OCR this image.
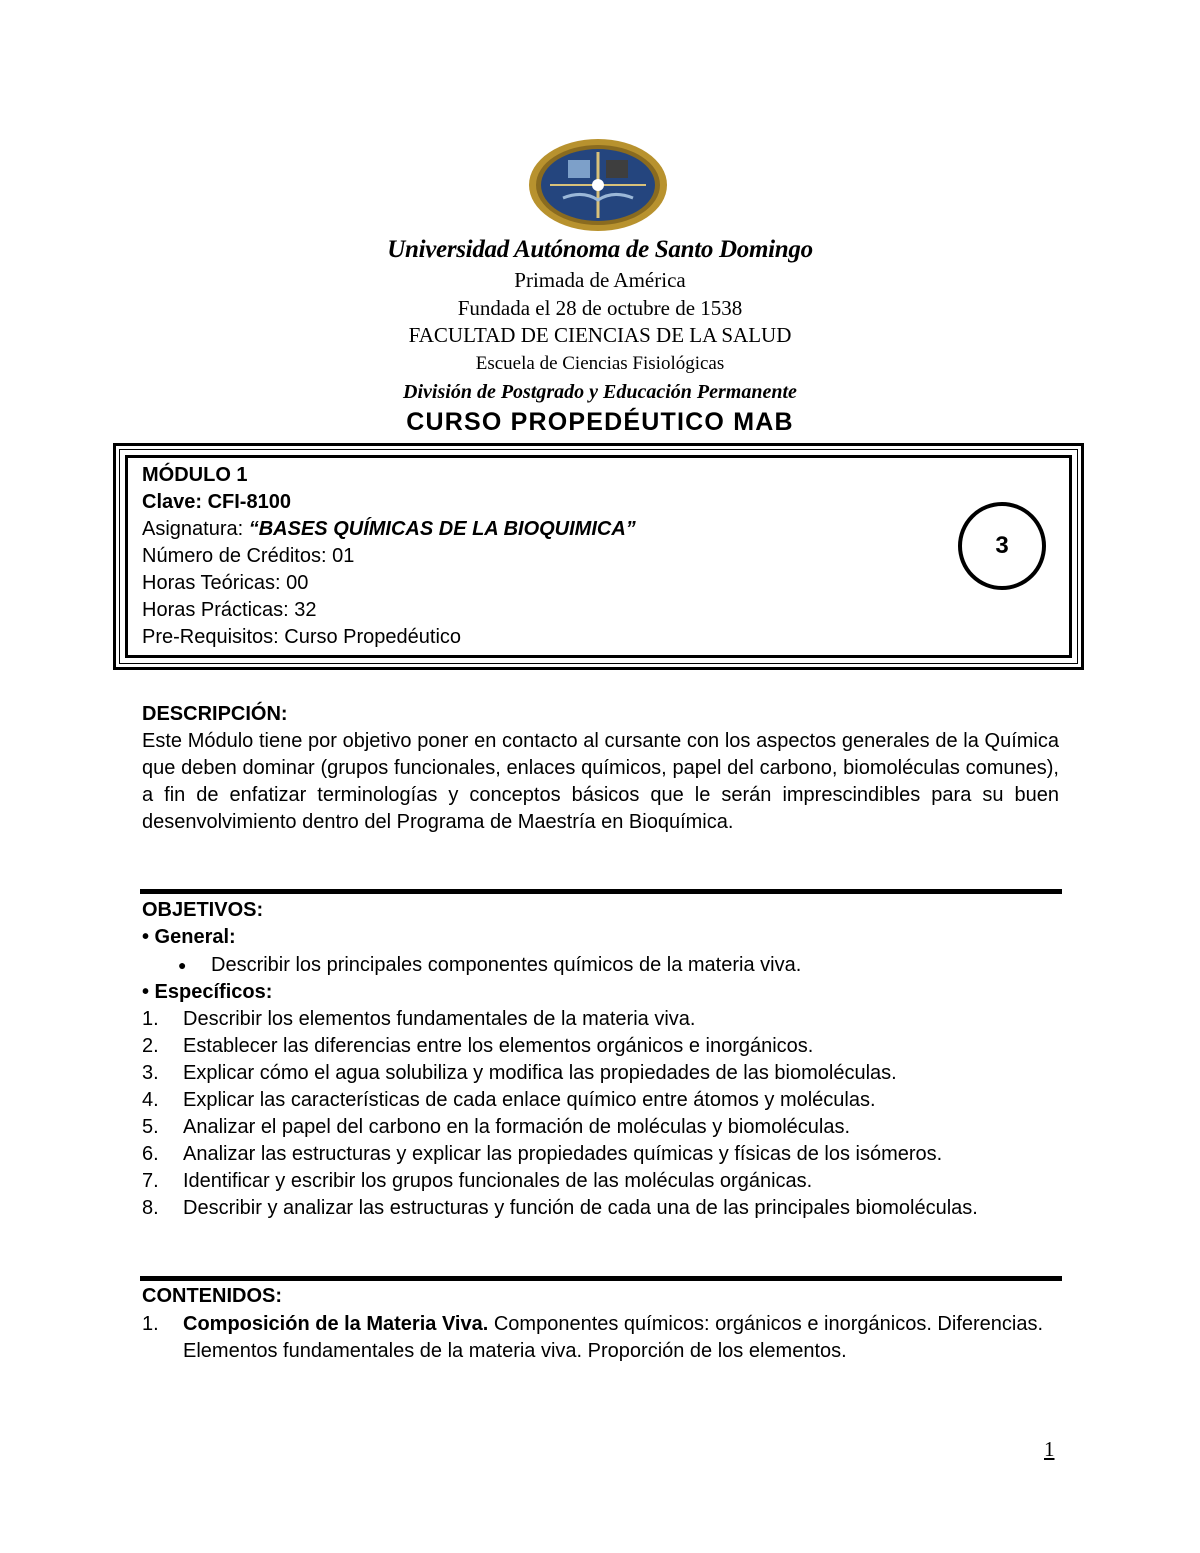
Universidad Autónoma de Santo Domingo
Primada de América
Fundada el 28 de octubre de 1538
FACULTAD DE CIENCIAS DE LA SALUD
Escuela de Ciencias Fisiológicas
División de Postgrado y Educación Permanente
CURSO PROPEDÉUTICO MAB
MÓDULO 1
Clave: CFI-8100
Asignatura: “BASES QUÍMICAS DE LA BIOQUIMICA”
Número de Créditos: 01
Horas Teóricas: 00
Horas Prácticas: 32
Pre-Requisitos: Curso Propedéutico
3
DESCRIPCIÓN:
Este Módulo tiene por objetivo poner en contacto al cursante con los aspectos generales de la Química que deben dominar (grupos funcionales, enlaces químicos, papel del carbono, biomoléculas comunes), a fin de enfatizar terminologías y conceptos básicos que le serán imprescindibles para su buen desenvolvimiento dentro del Programa de Maestría en Bioquímica.
OBJETIVOS:
• General:
● Describir los principales componentes químicos de la materia viva.
• Específicos:
1. Describir los elementos fundamentales de la materia viva.
2. Establecer las diferencias entre los elementos orgánicos e inorgánicos.
3. Explicar cómo el agua solubiliza y modifica las propiedades de las biomoléculas.
4. Explicar las características de cada enlace químico entre átomos y moléculas.
5. Analizar el papel del carbono en la formación de moléculas y biomoléculas.
6. Analizar las estructuras y explicar las propiedades químicas y físicas de los isómeros.
7. Identificar y escribir los grupos funcionales de las moléculas orgánicas.
8. Describir y analizar las estructuras y función de cada una de las principales biomoléculas.
CONTENIDOS:
1. Composición de la Materia Viva. Componentes químicos: orgánicos e inorgánicos. Diferencias. Elementos fundamentales de la materia viva. Proporción de los elementos.
1
